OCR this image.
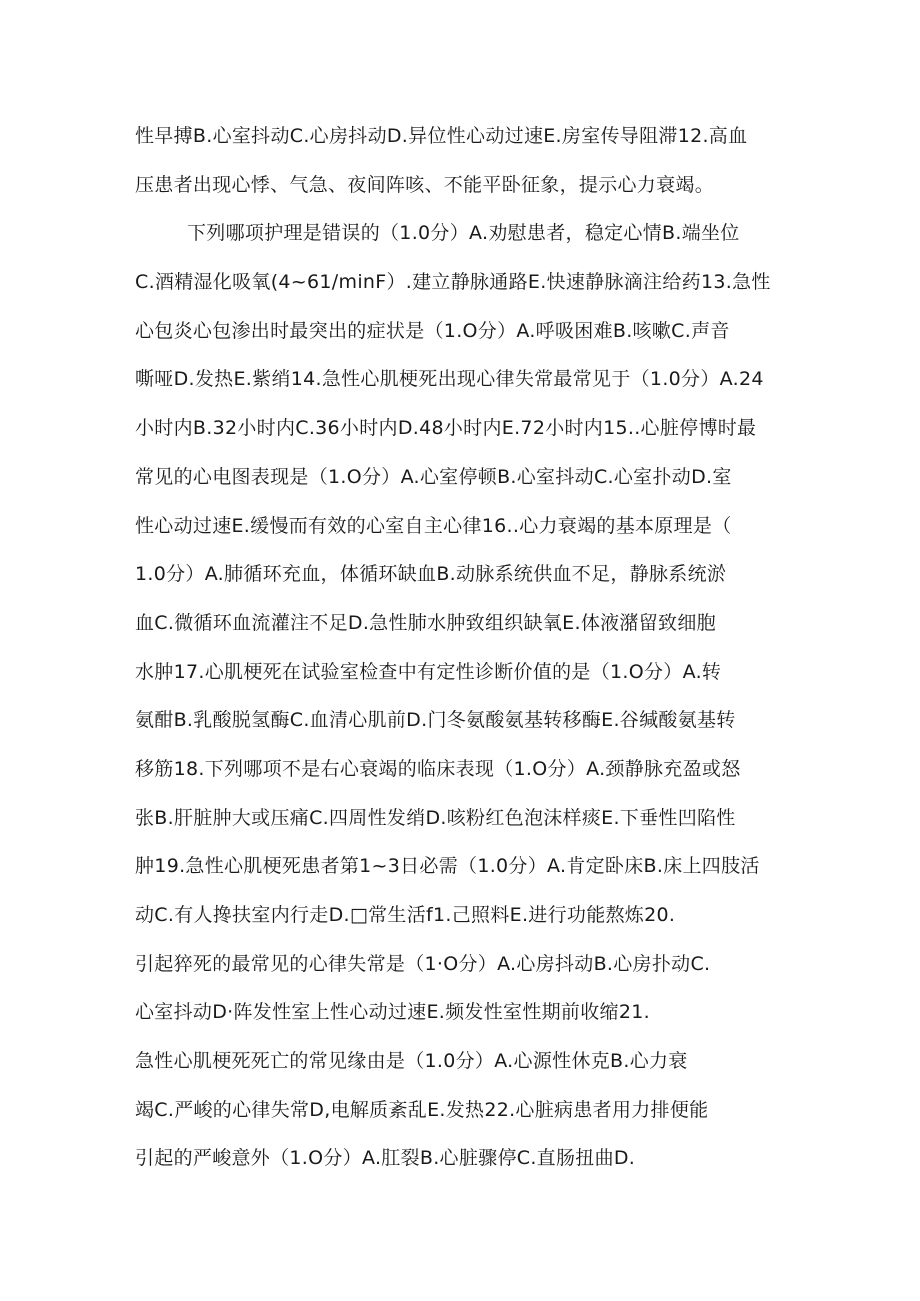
性早搏B.心室抖动C.心房抖动D.异位性心动过速E.房室传导阻滞12.高血
压患者出现心悸、气急、夜间阵咳、不能平卧征象，提示心力衰竭。
下列哪项护理是错误的（1.0分）A.劝慰患者，稳定心情B.端坐位
C.酒精湿化吸氧(4~61∕minF）.建立静脉通路E.快速静脉滴注给药13.急性
心包炎心包渗出时最突出的症状是（1.O分）A.呼吸困难B.咳嗽C.声音
嘶哑D.发热E.紫绡14.急性心肌梗死出现心律失常最常见于（1.0分）A.24
小时内B.32小时内C.36小时内D.48小时内E.72小时内15..心脏停博时最
常见的心电图表现是（1.O分）A.心室停顿B.心室抖动C.心室扑动D.室
性心动过速E.缓慢而有效的心室自主心律16..心力衰竭的基本原理是（
1.0分）A.肺循环充血，体循环缺血B.动脉系统供血不足，静脉系统淤
血C.微循环血流灌注不足D.急性肺水肿致组织缺氧E.体液潴留致细胞
水肿17.心肌梗死在试验室检查中有定性诊断价值的是（1.O分）A.转
氨酣B.乳酸脱氢酶C.血清心肌前D.门冬氨酸氨基转移酶E.谷缄酸氨基转
移筋18.下列哪项不是右心衰竭的临床表现（1.O分）A.颈静脉充盈或怒
张B.肝脏肿大或压痛C.四周性发绡D.咳粉红色泡沫样痰E.下垂性凹陷性
肿19.急性心肌梗死患者第1~3日必需（1.0分）A.肯定卧床B.床上四肢活
动C.有人搀扶室内行走D.□常生活f1.己照料E.进行功能熬炼20.
引起猝死的最常见的心律失常是（1·O分）A.心房抖动B.心房扑动C.
心室抖动D·阵发性室上性心动过速E.频发性室性期前收缩21.
急性心肌梗死死亡的常见缘由是（1.0分）A.心源性休克B.心力衰
竭C.严峻的心律失常D,电解质紊乱E.发热22.心脏病患者用力排便能
引起的严峻意外（1.O分）A.肛裂B.心脏骤停C.直肠扭曲D.
